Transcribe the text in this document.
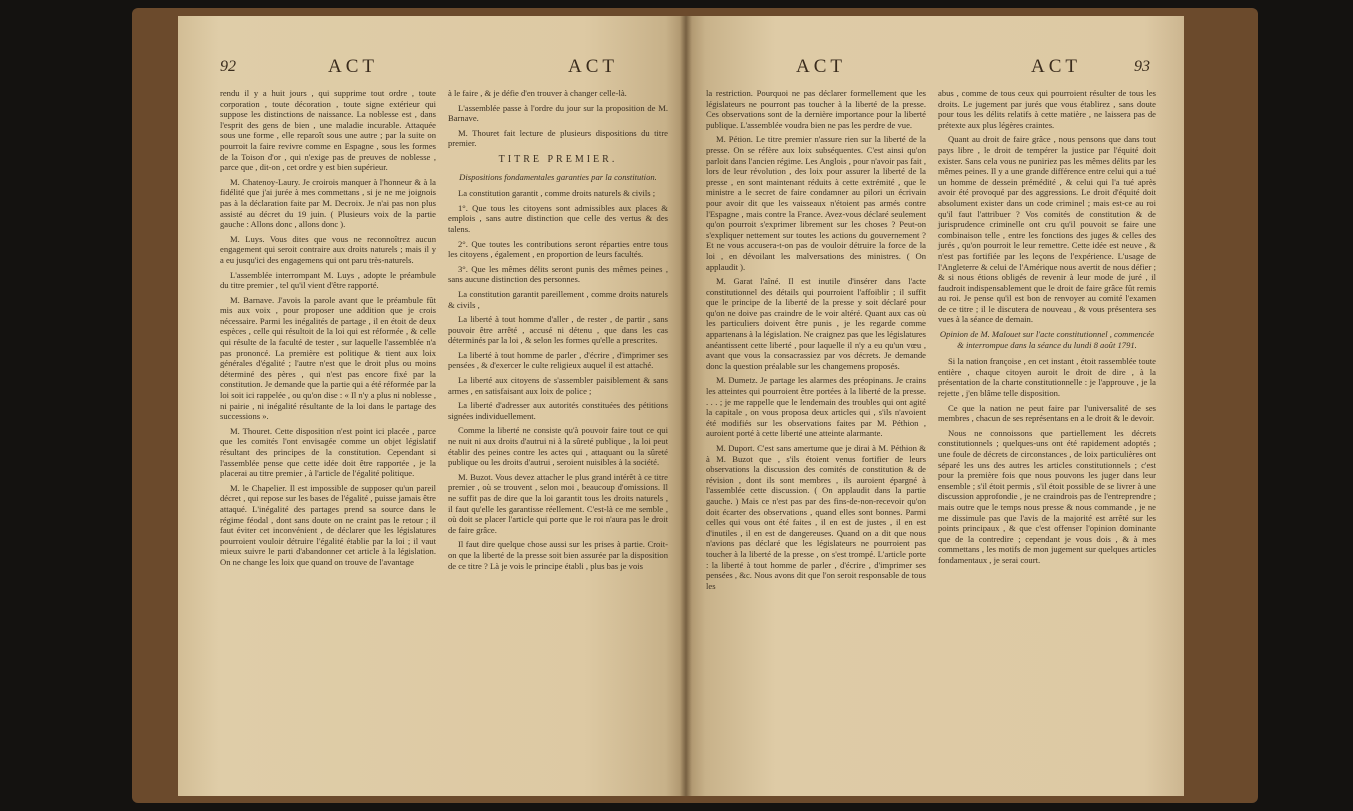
92	ACT	ACT

rendu il y a huit jours , qui supprime tout ordre , toute corporation , toute décoration , toute signe extérieur qui suppose les distinctions de naissance. La noblesse est , dans l'esprit des gens de bien , une maladie incurable. Attaquée sous une forme , elle reparoît sous une autre ; par la suite on pourroit la faire revivre comme en Espagne , sous les formes de la Toison d'or , qui n'exige pas de preuves de noblesse , parce que , dit-on , cet ordre y est bien supérieur.

M. Chatenoy-Laury. Je croirois manquer à l'honneur & à la fidélité que j'ai jurée à mes commettans , si je ne me joignois pas à la déclaration faite par M. Decroix. Je n'ai pas non plus assisté au décret du 19 juin. ( Plusieurs voix de la partie gauche : Allons donc , allons donc ).

M. Luys. Vous dites que vous ne reconnoîtrez aucun engagement qui seroit contraire aux droits naturels ; mais il y a eu jusqu'ici des engagemens qui ont paru très-naturels.

L'assemblée interrompant M. Luys , adopte le préambule du titre premier , tel qu'il vient d'être rapporté.

M. Barnave. J'avois la parole avant que le préambule fût mis aux voix , pour proposer une addition que je crois nécessaire. Parmi les inégalités de partage , il en étoit de deux espèces , celle qui résultoit de la loi qui est réformée , & celle qui résulte de la faculté de tester , sur laquelle l'assemblée n'a pas prononcé. La première est politique & tient aux loix générales d'égalité ; l'autre n'est que le droit plus ou moins déterminé des pères , qui n'est pas encore fixé par la constitution. Je demande que la partie qui a été réformée par la loi soit ici rappelée , ou qu'on dise : « Il n'y a plus ni noblesse , ni pairie , ni inégalité résultante de la loi dans le partage des successions ».

M. Thouret. Cette disposition n'est point ici placée , parce que les comités l'ont envisagée comme un objet législatif résultant des principes de la constitution. Cependant si l'assemblée pense que cette idée doit être rapportée , je la placerai au titre premier , à l'article de l'égalité politique.

M. le Chapelier. Il est impossible de supposer qu'un pareil décret , qui repose sur les bases de l'égalité , puisse jamais être attaqué. L'inégalité des partages prend sa source dans le régime féodal , dont sans doute on ne craint pas le retour ; il faut éviter cet inconvénient , de déclarer que les législatures pourroient vouloir détruire l'égalité établie par la loi ; il vaut mieux suivre le parti d'abandonner cet article à la législation. On ne change les loix que quand on trouve de l'avantage

à le faire , & je défie d'en trouver à changer celle-là.

L'assemblée passe à l'ordre du jour sur la proposition de M. Barnave.

M. Thouret fait lecture de plusieurs dispositions du titre premier.

TITRE PREMIER.

Dispositions fondamentales garanties par la constitution.

La constitution garantit , comme droits naturels & civils ;

1°. Que tous les citoyens sont admissibles aux places & emplois , sans autre distinction que celle des vertus & des talens.

2°. Que toutes les contributions seront réparties entre tous les citoyens , également , en proportion de leurs facultés.

3°. Que les mêmes délits seront punis des mêmes peines , sans aucune distinction des personnes.

La constitution garantit pareillement , comme droits naturels & civils ,

La liberté à tout homme d'aller , de rester , de partir , sans pouvoir être arrêté , accusé ni détenu , que dans les cas déterminés par la loi , & selon les formes qu'elle a prescrites.

La liberté à tout homme de parler , d'écrire , d'imprimer ses pensées , & d'exercer le culte religieux auquel il est attaché.

La liberté aux citoyens de s'assembler paisiblement & sans armes , en satisfaisant aux loix de police ;

La liberté d'adresser aux autorités constituées des pétitions signées individuellement.

Comme la liberté ne consiste qu'à pouvoir faire tout ce qui ne nuit ni aux droits d'autrui ni à la sûreté publique , la loi peut établir des peines contre les actes qui , attaquant ou la sûreté publique ou les droits d'autrui , seroient nuisibles à la société.

M. Buzot. Vous devez attacher le plus grand intérêt à ce titre premier , où se trouvent , selon moi , beaucoup d'omissions. Il ne suffit pas de dire que la loi garantit tous les droits naturels , il faut qu'elle les garantisse réellement. C'est-là ce me semble , où doit se placer l'article qui porte que le roi n'aura pas le droit de faire grâce.

Il faut dire quelque chose aussi sur les prises à partie. Croit-on que la liberté de la presse soit bien assurée par la disposition de ce titre ? Là je vois le principe établi , plus bas je vois

ACT	ACT	93

la restriction. Pourquoi ne pas déclarer formellement que les législateurs ne pourront pas toucher à la liberté de la presse. Ces observations sont de la dernière importance pour la liberté publique. L'assemblée voudra bien ne pas les perdre de vue.

M. Pétion. Le titre premier n'assure rien sur la liberté de la presse. On se réfère aux loix subséquentes. C'est ainsi qu'on parloit dans l'ancien régime. Les Anglois , pour n'avoir pas fait , lors de leur révolution , des loix pour assurer la liberté de la presse , en sont maintenant réduits à cette extrémité , que le ministre a le secret de faire condamner au pilori un écrivain pour avoir dit que les vaisseaux n'étoient pas armés contre l'Espagne , mais contre la France. Avez-vous déclaré seulement qu'on pourroit s'exprimer librement sur les choses ? Peut-on s'expliquer nettement sur toutes les actions du gouvernement ? Et ne vous accusera-t-on pas de vouloir détruire la force de la loi , en dévoilant les malversations des ministres. ( On applaudit ).

M. Garat l'aîné. Il est inutile d'insérer dans l'acte constitutionnel des détails qui pourroient l'affoiblir ; il suffit que le principe de la liberté de la presse y soit déclaré pour qu'on ne doive pas craindre de le voir altéré. Quant aux cas où les particuliers doivent être punis , je les regarde comme appartenans à la législation. Ne craignez pas que les législatures anéantissent cette liberté , pour laquelle il n'y a eu qu'un vœu , avant que vous la consacrassiez par vos décrets. Je demande donc la question préalable sur les changemens proposés.

M. Dumetz. Je partage les alarmes des préopinans. Je crains les atteintes qui pourroient être portées à la liberté de la presse. . . . ; je me rappelle que le lendemain des troubles qui ont agité la capitale , on vous proposa deux articles qui , s'ils n'avoient été modifiés sur les observations faites par M. Péthion , auroient porté à cette liberté une atteinte alarmante.

M. Duport. C'est sans amertume que je dirai à M. Péthion & à M. Buzot que , s'ils étoient venus fortifier de leurs observations la discussion des comités de constitution & de révision , dont ils sont membres , ils auroient épargné à l'assemblée cette discussion. ( On applaudit dans la partie gauche. ) Mais ce n'est pas par des fins-de-non-recevoir qu'on doit écarter des observations , quand elles sont bonnes. Parmi celles qui vous ont été faites , il en est de justes , il en est d'inutiles , il en est de dangereuses. Quand on a dit que nous n'avions pas déclaré que les législateurs ne pourroient pas toucher à la liberté de la presse , on s'est trompé. L'article porte : la liberté à tout homme de parler , d'écrire , d'imprimer ses pensées , &c. Nous avons dit que l'on seroit responsable de tous les

abus , comme de tous ceux qui pourroient résulter de tous les droits. Le jugement par jurés que vous établirez , sans doute pour tous les délits relatifs à cette matière , ne laissera pas de prétexte aux plus légères craintes.

Quant au droit de faire grâce , nous pensons que dans tout pays libre , le droit de tempérer la justice par l'équité doit exister. Sans cela vous ne puniriez pas les mêmes délits par les mêmes peines. Il y a une grande différence entre celui qui a tué un homme de dessein prémédité , & celui qui l'a tué après avoir été provoqué par des aggressions. Le droit d'équité doit absolument exister dans un code criminel ; mais est-ce au roi qu'il faut l'attribuer ? Vos comités de constitution & de jurisprudence criminelle ont cru qu'il pouvoit se faire une combinaison telle , entre les fonctions des juges & celles des jurés , qu'on pourroit le leur remettre. Cette idée est neuve , & n'est pas fortifiée par les leçons de l'expérience. L'usage de l'Angleterre & celui de l'Amérique nous avertit de nous défier ; & si nous étions obligés de revenir à leur mode de juré , il faudroit indispensablement que le droit de faire grâce fût remis au roi. Je pense qu'il est bon de renvoyer au comité l'examen de ce titre ; il le discutera de nouveau , & vous présentera ses vues à la séance de demain.

Opinion de M. Malouet sur l'acte constitutionnel , commencée & interrompue dans la séance du lundi 8 août 1791.

Si la nation françoise , en cet instant , étoit rassemblée toute entière , chaque citoyen auroit le droit de dire , à la présentation de la charte constitutionnelle : je l'approuve , je la rejette , j'en blâme telle disposition.

Ce que la nation ne peut faire par l'universalité de ses membres , chacun de ses représentans en a le droit & le devoir.

Nous ne connoissons que partiellement les décrets constitutionnels ; quelques-uns ont été rapidement adoptés ; une foule de décrets de circonstances , de loix particulières ont séparé les uns des autres les articles constitutionnels ; c'est pour la première fois que nous pouvons les juger dans leur ensemble ; s'il étoit permis , s'il étoit possible de se livrer à une discussion approfondie , je ne craindrois pas de l'entreprendre ; mais outre que le temps nous presse & nous commande , je ne me dissimule pas que l'avis de la majorité est arrêté sur les points principaux , & que c'est offenser l'opinion dominante que de la contredire ; cependant je vous dois , & à mes commettans , les motifs de mon jugement sur quelques articles fondamentaux , je serai court.
